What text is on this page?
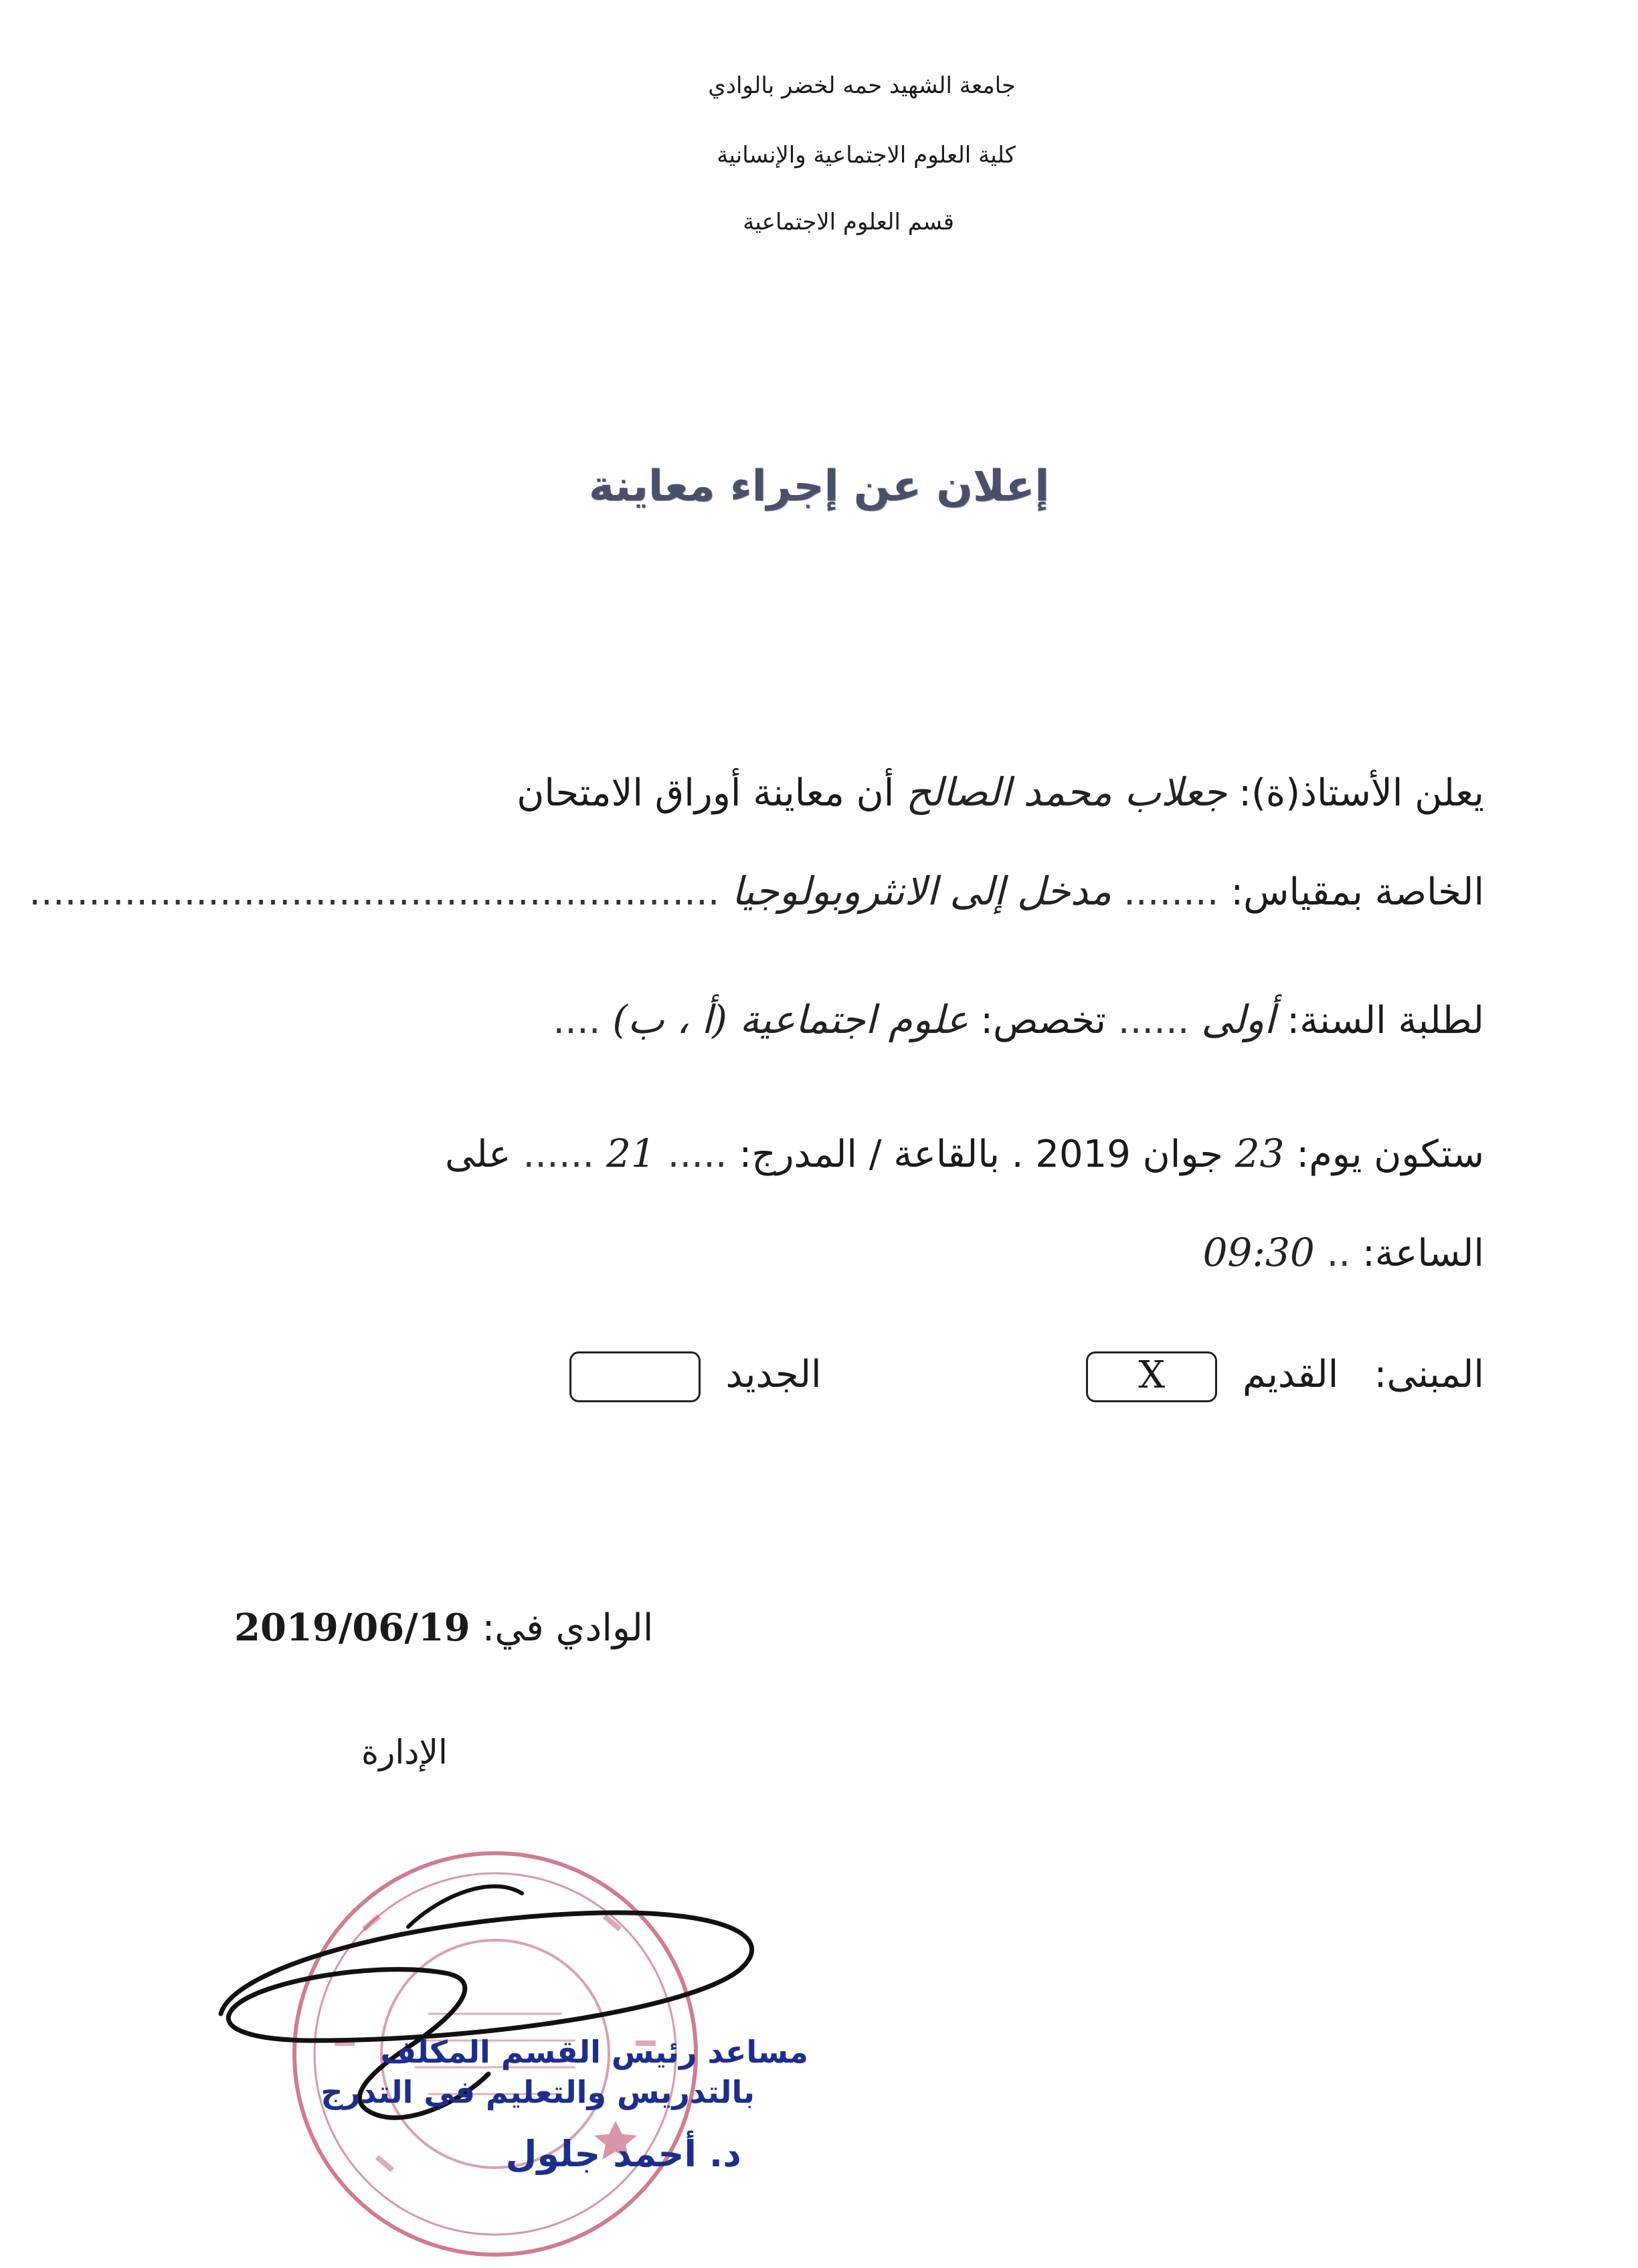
جامعة الشهيد حمه لخضر بالوادي
كلية العلوم الاجتماعية والإنسانية
قسم العلوم الاجتماعية
إعلان عن إجراء معاينة
يعلن الأستاذ(ة): جعلاب محمد الصالح أن معاينة أوراق الامتحان
الخاصة بمقياس: ........ مدخل إلى الانثروبولوجيا ..........................................................
لطلبة السنة: أولى ...... تخصص: علوم اجتماعية (أ ، ب) ....
ستكون يوم: 23 جوان 2019 . بالقاعة / المدرج: ..... 21 ...... على
الساعة: .. 09:30
المبنى:   القديم X  الجديد
الوادي في: 2019/06/19
الإدارة
مساعد رئيس القسم المكلف
بالتدريس والتعليم في التدرج
د. أحمد جلول
